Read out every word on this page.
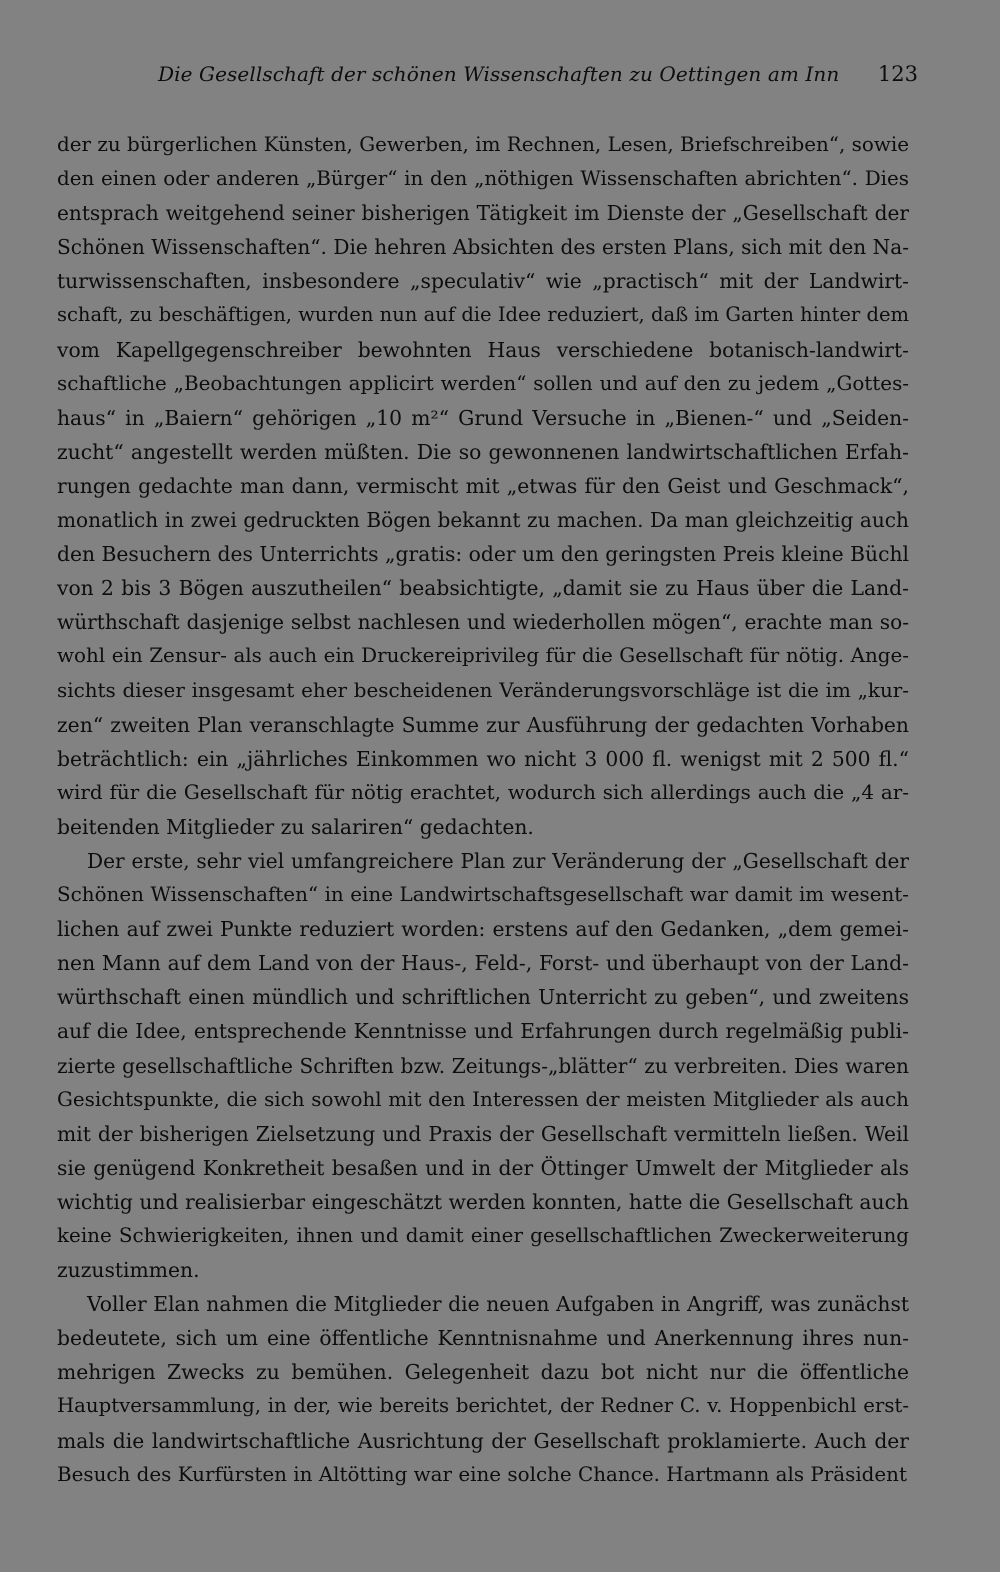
Die Gesellschaft der schönen Wissenschaften zu Oettingen am Inn 123
der zu bürgerlichen Künsten, Gewerben, im Rechnen, Lesen, Briefschreiben“, sowie
den einen oder anderen „Bürger“ in den „nöthigen Wissenschaften abrichten“. Dies
entsprach weitgehend seiner bisherigen Tätigkeit im Dienste der „Gesellschaft der
Schönen Wissenschaften“. Die hehren Absichten des ersten Plans, sich mit den Na-
turwissenschaften, insbesondere „speculativ“ wie „practisch“ mit der Landwirt-
schaft, zu beschäftigen, wurden nun auf die Idee reduziert, daß im Garten hinter dem
vom Kapellgegenschreiber bewohnten Haus verschiedene botanisch-landwirt-
schaftliche „Beobachtungen applicirt werden“ sollen und auf den zu jedem „Gottes-
haus“ in „Baiern“ gehörigen „10 m²“ Grund Versuche in „Bienen-“ und „Seiden-
zucht“ angestellt werden müßten. Die so gewonnenen landwirtschaftlichen Erfah-
rungen gedachte man dann, vermischt mit „etwas für den Geist und Geschmack“,
monatlich in zwei gedruckten Bögen bekannt zu machen. Da man gleichzeitig auch
den Besuchern des Unterrichts „gratis: oder um den geringsten Preis kleine Büchl
von 2 bis 3 Bögen auszutheilen“ beabsichtigte, „damit sie zu Haus über die Land-
würthschaft dasjenige selbst nachlesen und wiederhollen mögen“, erachte man so-
wohl ein Zensur- als auch ein Druckereiprivileg für die Gesellschaft für nötig. Ange-
sichts dieser insgesamt eher bescheidenen Veränderungsvorschläge ist die im „kur-
zen“ zweiten Plan veranschlagte Summe zur Ausführung der gedachten Vorhaben
beträchtlich: ein „jährliches Einkommen wo nicht 3 000 fl. wenigst mit 2 500 fl.“
wird für die Gesellschaft für nötig erachtet, wodurch sich allerdings auch die „4 ar-
beitenden Mitglieder zu salariren“ gedachten.
Der erste, sehr viel umfangreichere Plan zur Veränderung der „Gesellschaft der
Schönen Wissenschaften“ in eine Landwirtschaftsgesellschaft war damit im wesent-
lichen auf zwei Punkte reduziert worden: erstens auf den Gedanken, „dem gemei-
nen Mann auf dem Land von der Haus-, Feld-, Forst- und überhaupt von der Land-
würthschaft einen mündlich und schriftlichen Unterricht zu geben“, und zweitens
auf die Idee, entsprechende Kenntnisse und Erfahrungen durch regelmäßig publi-
zierte gesellschaftliche Schriften bzw. Zeitungs-„blätter“ zu verbreiten. Dies waren
Gesichtspunkte, die sich sowohl mit den Interessen der meisten Mitglieder als auch
mit der bisherigen Zielsetzung und Praxis der Gesellschaft vermitteln ließen. Weil
sie genügend Konkretheit besaßen und in der Öttinger Umwelt der Mitglieder als
wichtig und realisierbar eingeschätzt werden konnten, hatte die Gesellschaft auch
keine Schwierigkeiten, ihnen und damit einer gesellschaftlichen Zweckerweiterung
zuzustimmen.
Voller Elan nahmen die Mitglieder die neuen Aufgaben in Angriff, was zunächst
bedeutete, sich um eine öffentliche Kenntnisnahme und Anerkennung ihres nun-
mehrigen Zwecks zu bemühen. Gelegenheit dazu bot nicht nur die öffentliche
Hauptversammlung, in der, wie bereits berichtet, der Redner C. v. Hoppenbichl erst-
mals die landwirtschaftliche Ausrichtung der Gesellschaft proklamierte. Auch der
Besuch des Kurfürsten in Altötting war eine solche Chance. Hartmann als Präsident
